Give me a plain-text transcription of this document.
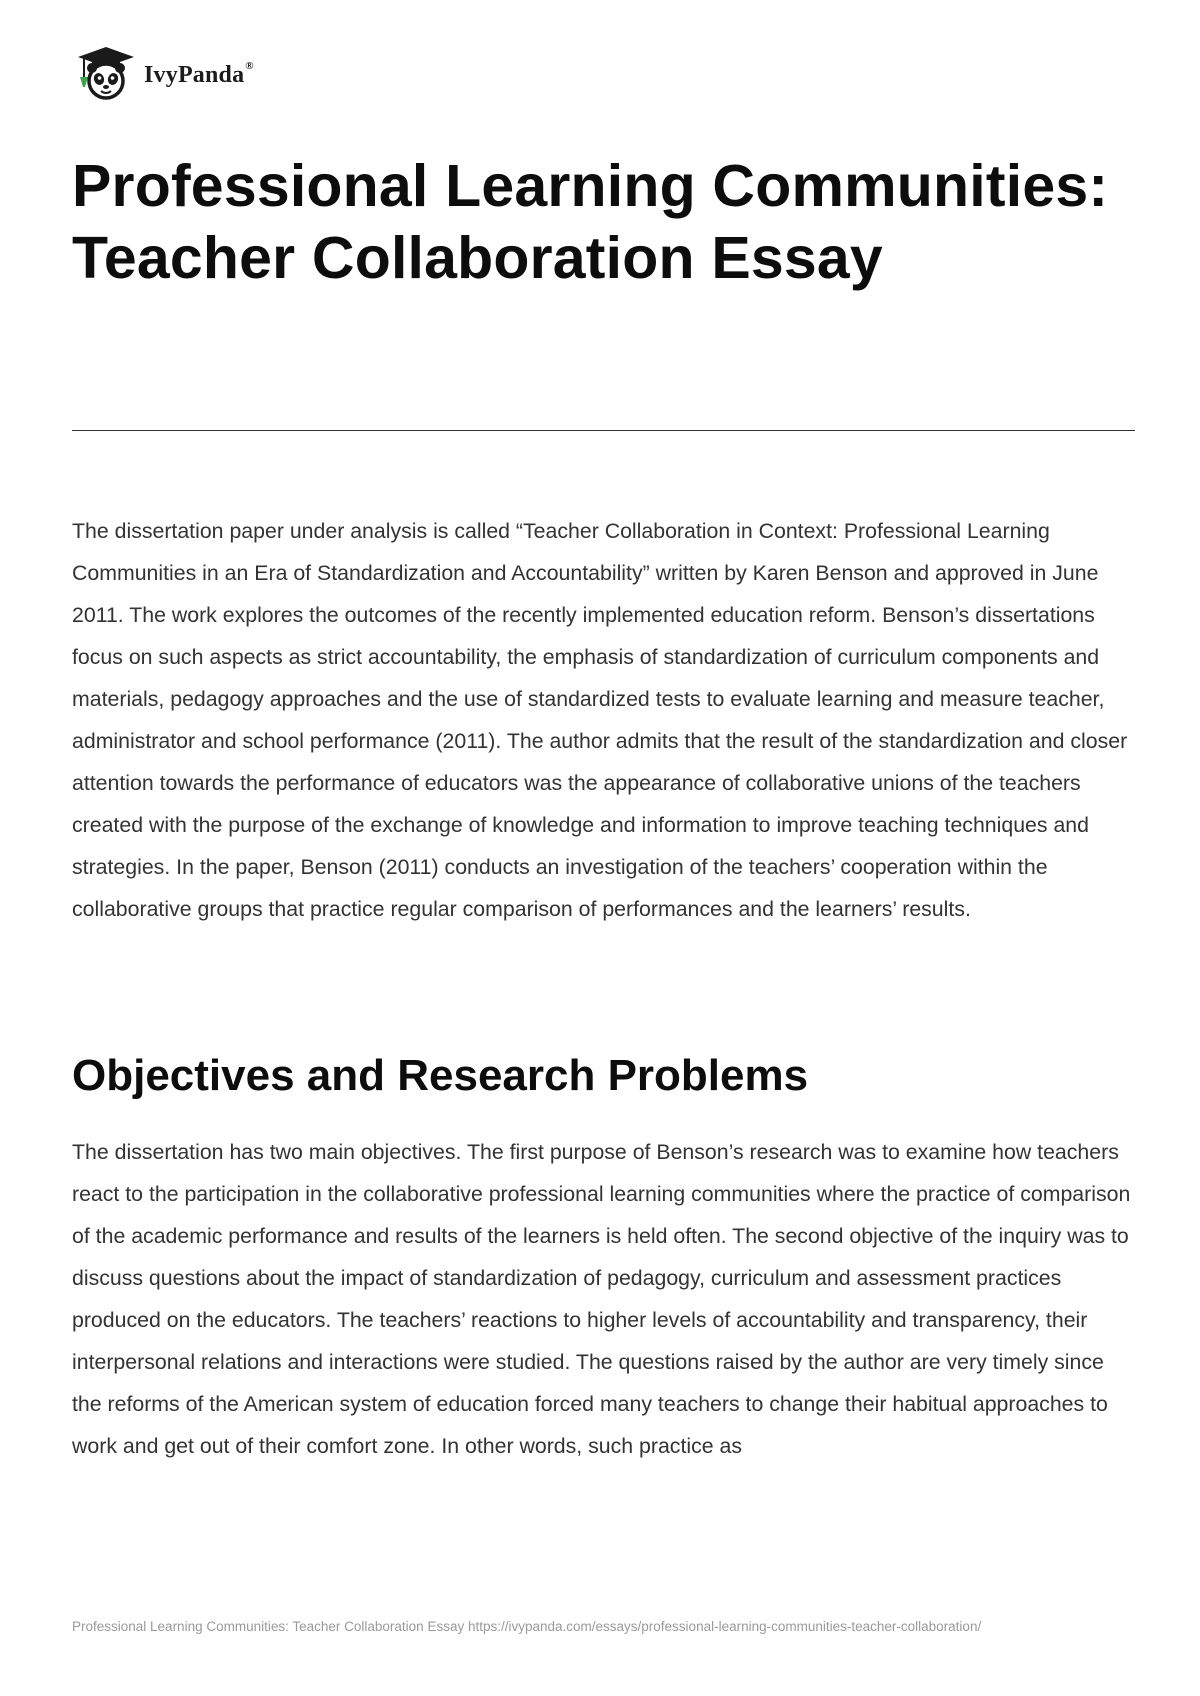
IvyPanda®
Professional Learning Communities: Teacher Collaboration Essay

The dissertation paper under analysis is called “Teacher Collaboration in Context: Professional Learning Communities in an Era of Standardization and Accountability” written by Karen Benson and approved in June 2011. The work explores the outcomes of the recently implemented education reform. Benson’s dissertations focus on such aspects as strict accountability, the emphasis of standardization of curriculum components and materials, pedagogy approaches and the use of standardized tests to evaluate learning and measure teacher, administrator and school performance (2011). The author admits that the result of the standardization and closer attention towards the performance of educators was the appearance of collaborative unions of the teachers created with the purpose of the exchange of knowledge and information to improve teaching techniques and strategies. In the paper, Benson (2011) conducts an investigation of the teachers’ cooperation within the collaborative groups that practice regular comparison of performances and the learners’ results.

Objectives and Research Problems

The dissertation has two main objectives. The first purpose of Benson’s research was to examine how teachers react to the participation in the collaborative professional learning communities where the practice of comparison of the academic performance and results of the learners is held often. The second objective of the inquiry was to discuss questions about the impact of standardization of pedagogy, curriculum and assessment practices produced on the educators. The teachers’ reactions to higher levels of accountability and transparency, their interpersonal relations and interactions were studied. The questions raised by the author are very timely since the reforms of the American system of education forced many teachers to change their habitual approaches to work and get out of their comfort zone. In other words, such practice as

Professional Learning Communities: Teacher Collaboration Essay https://ivypanda.com/essays/professional-learning-communities-teacher-collaboration/
